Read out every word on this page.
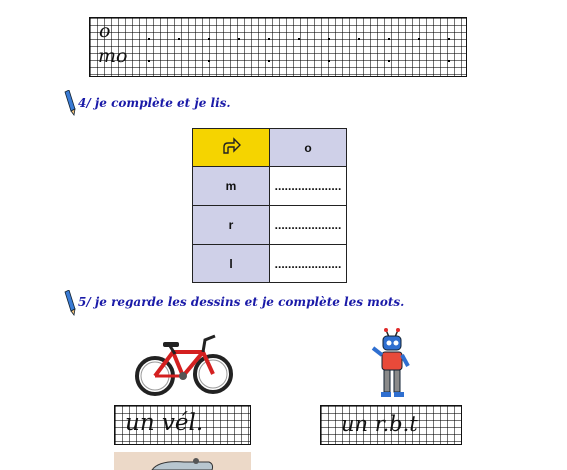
o
mo
4/ je complète et je lis.
	o
m	....................
r	....................
l	....................
5/ je regarde les dessins et je complète les mots.
un vél.	un r.b.t
